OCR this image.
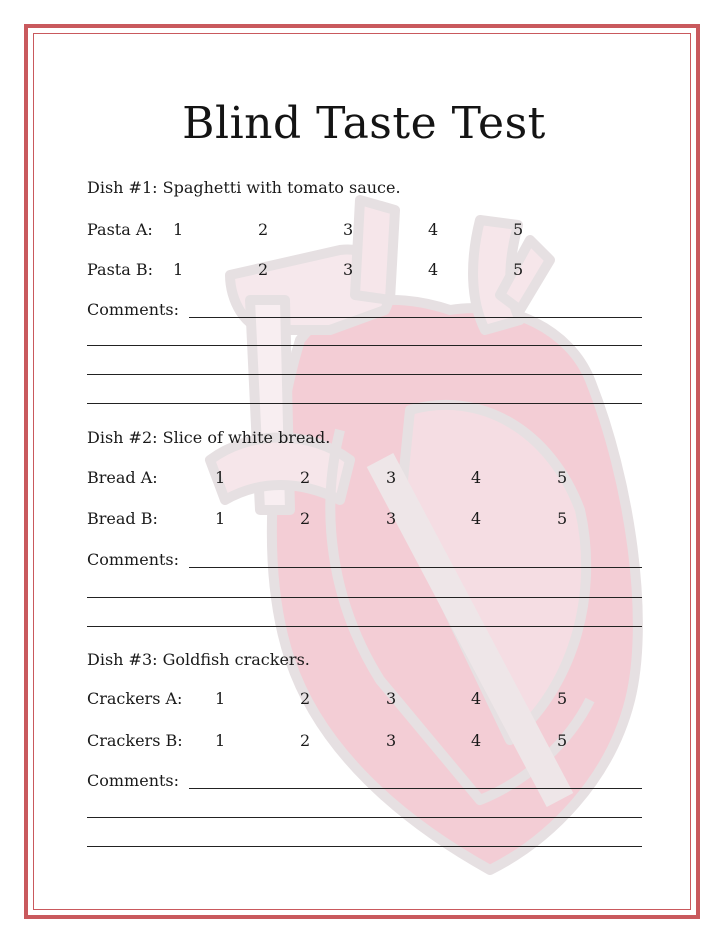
Blind Taste Test
Dish #1: Spaghetti with tomato sauce.
Pasta A: 1	2	3	4	5
Pasta B: 1	2	3	4	5
Comments:
Dish #2: Slice of white bread.
Bread A:	1	2	3	4	5
Bread B:	1	2	3	4	5
Comments:
Dish #3: Goldfish crackers.
Crackers A: 1	2	3	4	5
Crackers B: 1	2	3	4	5
Comments:
